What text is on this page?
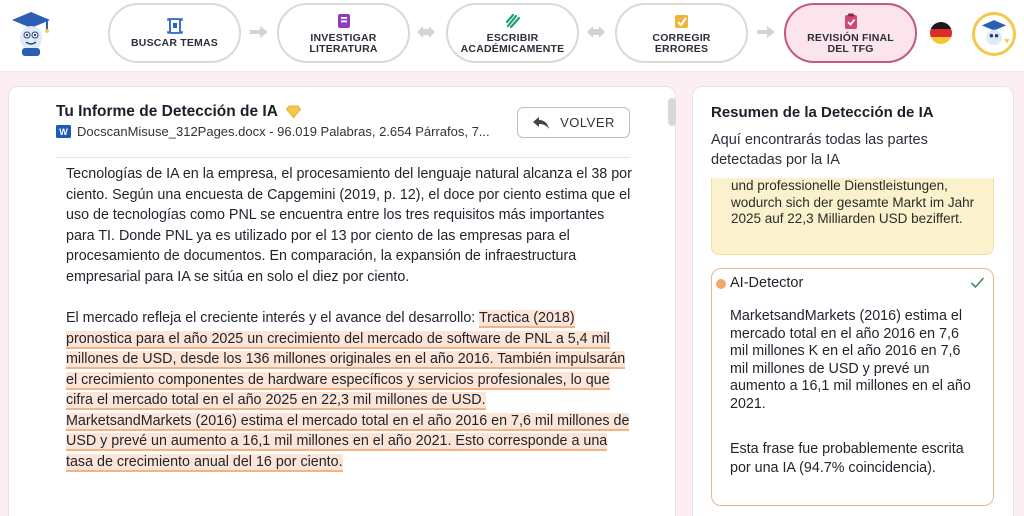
BUSCAR TEMAS	INVESTIGAR
LITERATURA
ESCRIBIR
ACADÉMICAMENTE
CORREGIR
ERRORES
REVISIÓN FINAL
DEL TFG
Tu Informe de Detección de IA
W DocscanMisuse_312Pages.docx - 96.019 Palabras, 2.654 Párrafos, 7...
VOLVER

Tecnologías de IA en la empresa, el procesamiento del lenguaje natural alcanza el 38 por ciento. Según una encuesta de Capgemini (2019, p. 12), el doce por ciento estima que el uso de tecnologías como PNL se encuentra entre los tres requisitos más importantes para TI. Donde PNL ya es utilizado por el 13 por ciento de las empresas para el procesamiento de documentos. En comparación, la expansión de infraestructura empresarial para IA se sitúa en solo el diez por ciento.

El mercado refleja el creciente interés y el avance del desarrollo: Tractica (2018) pronostica para el año 2025 un crecimiento del mercado de software de PNL a 5,4 mil millones de USD, desde los 136 millones originales en el año 2016. También impulsarán el crecimiento componentes de hardware específicos y servicios profesionales, lo que cifra el mercado total en el año 2025 en 22,3 mil millones de USD.
MarketsandMarkets (2016) estima el mercado total en el año 2016 en 7,6 mil millones de USD y prevé un aumento a 16,1 mil millones en el año 2021. Esto corresponde a una tasa de crecimiento anual del 16 por ciento.

Resumen de la Detección de IA
Aquí encontrarás todas las partes detectadas por la IA
und professionelle Dienstleistungen, wodurch sich der gesamte Markt im Jahr 2025 auf 22,3 Milliarden USD beziffert.
AI-Detector
MarketsandMarkets (2016) estima el mercado total en el año 2016 en 7,6 mil millones K en el año 2016 en 7,6 mil millones de USD y prevé un aumento a 16,1 mil millones en el año 2021.
Esta frase fue probablemente escrita por una IA (94.7% coincidencia).
